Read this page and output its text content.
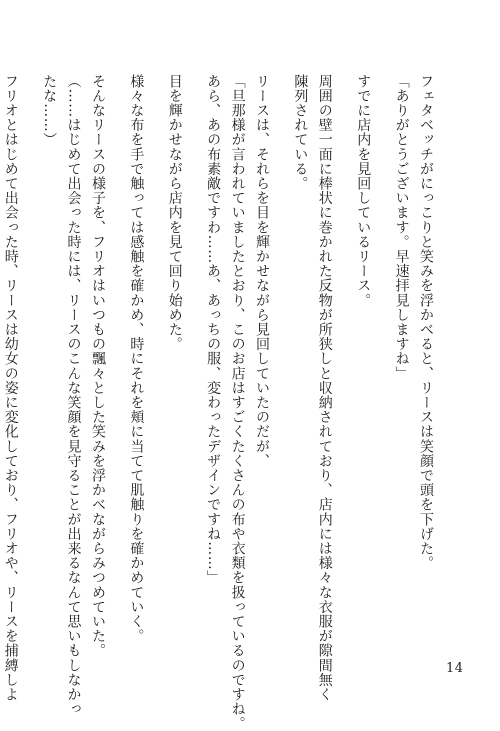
フェタベッチがにっこりと笑みを浮かべると、リースは笑顔で頭を下げた。
「ありがとうございます。早速拝見しますね」
すでに店内を見回しているリース。
周囲の壁一面に棒状に巻かれた反物が所狭しと収納されており、店内には様々な衣服が隙間無く
陳列されている。
リースは、それらを目を輝かせながら見回していたのだが、
「旦那様が言われていましたとおり、このお店はすごくたくさんの布や衣類を扱っているのですね。
あら、あの布素敵ですわ……あ、あっちの服、変わったデザインですね……」
目を輝かせながら店内を見て回り始めた。
様々な布を手で触っては感触を確かめ、時にそれを頬に当てて肌触りを確かめていく。
そんなリースの様子を、フリオはいつもの飄々とした笑みを浮かべながらみつめていた。
（……はじめて出会った時には、リースのこんな笑顔を見守ることが出来るなんて思いもしなかっ
たな……）
フリオとはじめて出会った時、リースは幼女の姿に変化しており、フリオや、リースを捕縛しよ	14
